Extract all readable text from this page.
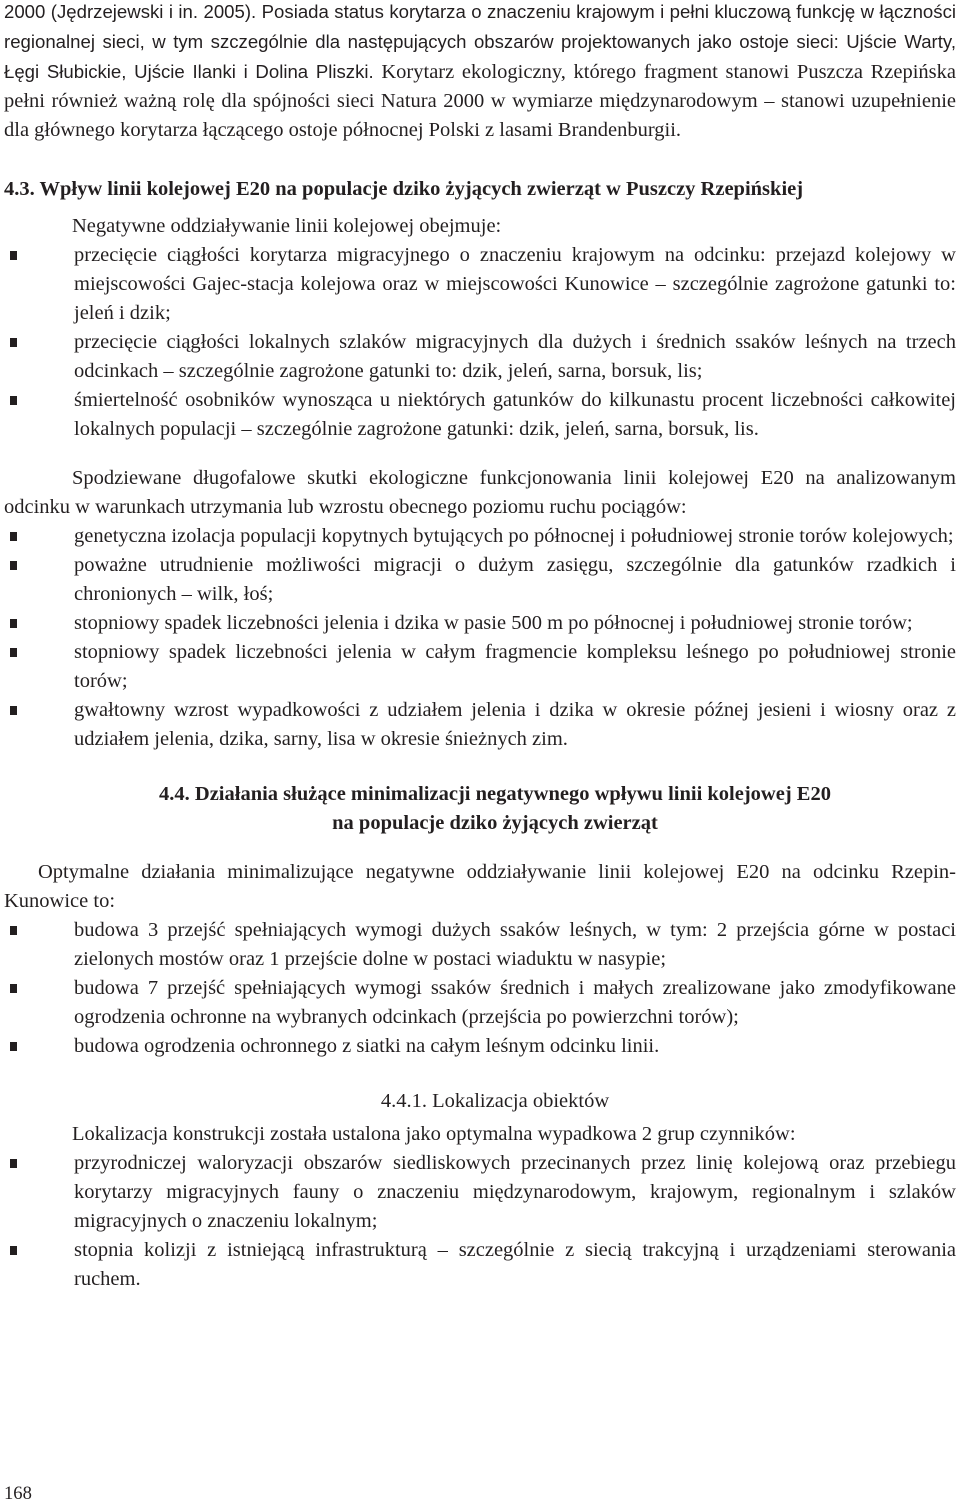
2000 (Jędrzejewski i in. 2005). Posiada status korytarza o znaczeniu krajowym i pełni kluczową funkcję w łączności regionalnej sieci, w tym szczególnie dla następujących obszarów projektowanych jako ostoje sieci: Ujście Warty, Łęgi Słubickie, Ujście Ilanki i Dolina Pliszki. Korytarz ekologiczny, którego fragment stanowi Puszcza Rzepińska pełni również ważną rolę dla spójności sieci Natura 2000 w wymiarze międzynarodowym – stanowi uzupełnienie dla głównego korytarza łączącego ostoje północnej Polski z lasami Brandenburgii.

4.3. Wpływ linii kolejowej E20 na populacje dziko żyjących zwierząt w Puszczy Rzepińskiej

Negatywne oddziaływanie linii kolejowej obejmuje:

przecięcie ciągłości korytarza migracyjnego o znaczeniu krajowym na odcinku: przejazd kolejowy w miejscowości Gajec-stacja kolejowa oraz w miejscowości Kunowice – szczególnie zagrożone gatunki to: jeleń i dzik;
przecięcie ciągłości lokalnych szlaków migracyjnych dla dużych i średnich ssaków leśnych na trzech odcinkach – szczególnie zagrożone gatunki to: dzik, jeleń, sarna, borsuk, lis;
śmiertelność osobników wynosząca u niektórych gatunków do kilkunastu procent liczebności całkowitej lokalnych populacji – szczególnie zagrożone gatunki: dzik, jeleń, sarna, borsuk, lis.

Spodziewane długofalowe skutki ekologiczne funkcjonowania linii kolejowej E20 na analizowanym odcinku w warunkach utrzymania lub wzrostu obecnego poziomu ruchu pociągów:

genetyczna izolacja populacji kopytnych bytujących po północnej i południowej stronie torów kolejowych;
poważne utrudnienie możliwości migracji o dużym zasięgu, szczególnie dla gatunków rzadkich i chronionych – wilk, łoś;
stopniowy spadek liczebności jelenia i dzika w pasie 500 m po północnej i południowej stronie torów;
stopniowy spadek liczebności jelenia w całym fragmencie kompleksu leśnego po południowej stronie torów;
gwałtowny wzrost wypadkowości z udziałem jelenia i dzika w okresie późnej jesieni i wiosny oraz z udziałem jelenia, dzika, sarny, lisa w okresie śnieżnych zim.
4.4. Działania służące minimalizacji negatywnego wpływu linii kolejowej E20
na populacje dziko żyjących zwierząt

Optymalne działania minimalizujące negatywne oddziaływanie linii kolejowej E20 na odcinku Rzepin-Kunowice to:

budowa 3 przejść spełniających wymogi dużych ssaków leśnych, w tym: 2 przejścia górne w postaci zielonych mostów oraz 1 przejście dolne w postaci wiaduktu w nasypie;
budowa 7 przejść spełniających wymogi ssaków średnich i małych zrealizowane jako zmodyfikowane ogrodzenia ochronne na wybranych odcinkach (przejścia po powierzchni torów);
budowa ogrodzenia ochronnego z siatki na całym leśnym odcinku linii.
4.4.1. Lokalizacja obiektów

Lokalizacja konstrukcji została ustalona jako optymalna wypadkowa 2 grup czynników:

przyrodniczej waloryzacji obszarów siedliskowych przecinanych przez linię kolejową oraz przebiegu korytarzy migracyjnych fauny o znaczeniu międzynarodowym, krajowym, regionalnym i szlaków migracyjnych o znaczeniu lokalnym;
stopnia kolizji z istniejącą infrastrukturą – szczególnie z siecią trakcyjną i urządzeniami sterowania ruchem.
168
